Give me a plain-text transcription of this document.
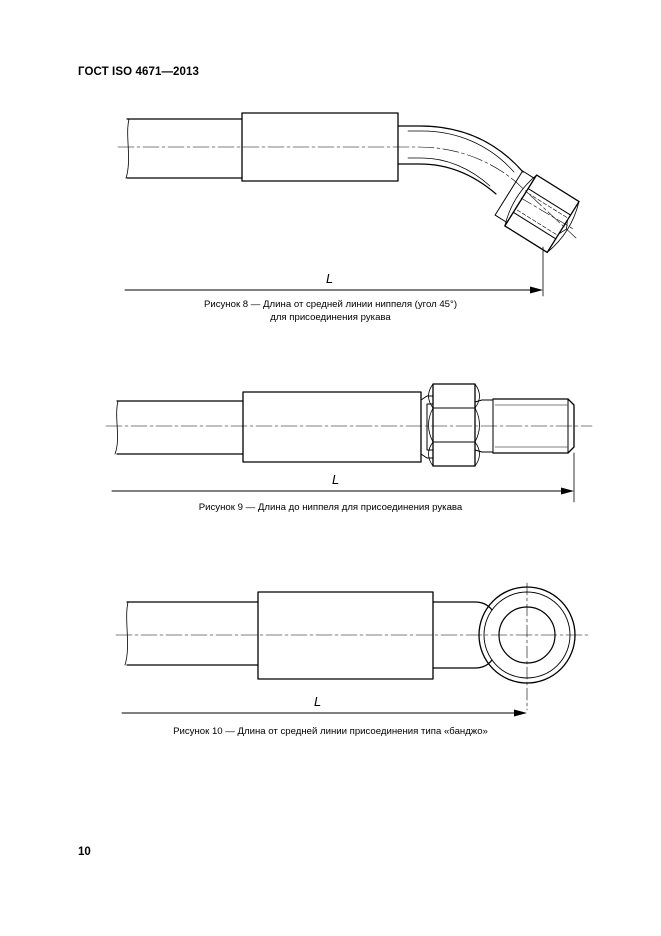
ГОСТ ISO 4671—2013
L
Рисунок 8 — Длина от средней линии ниппеля (угол 45°)
для присоединения рукава
L
Рисунок 9 — Длина до ниппеля для присоединения рукава
L
Рисунок 10 — Длина от средней линии присоединения типа «банджо»
10
